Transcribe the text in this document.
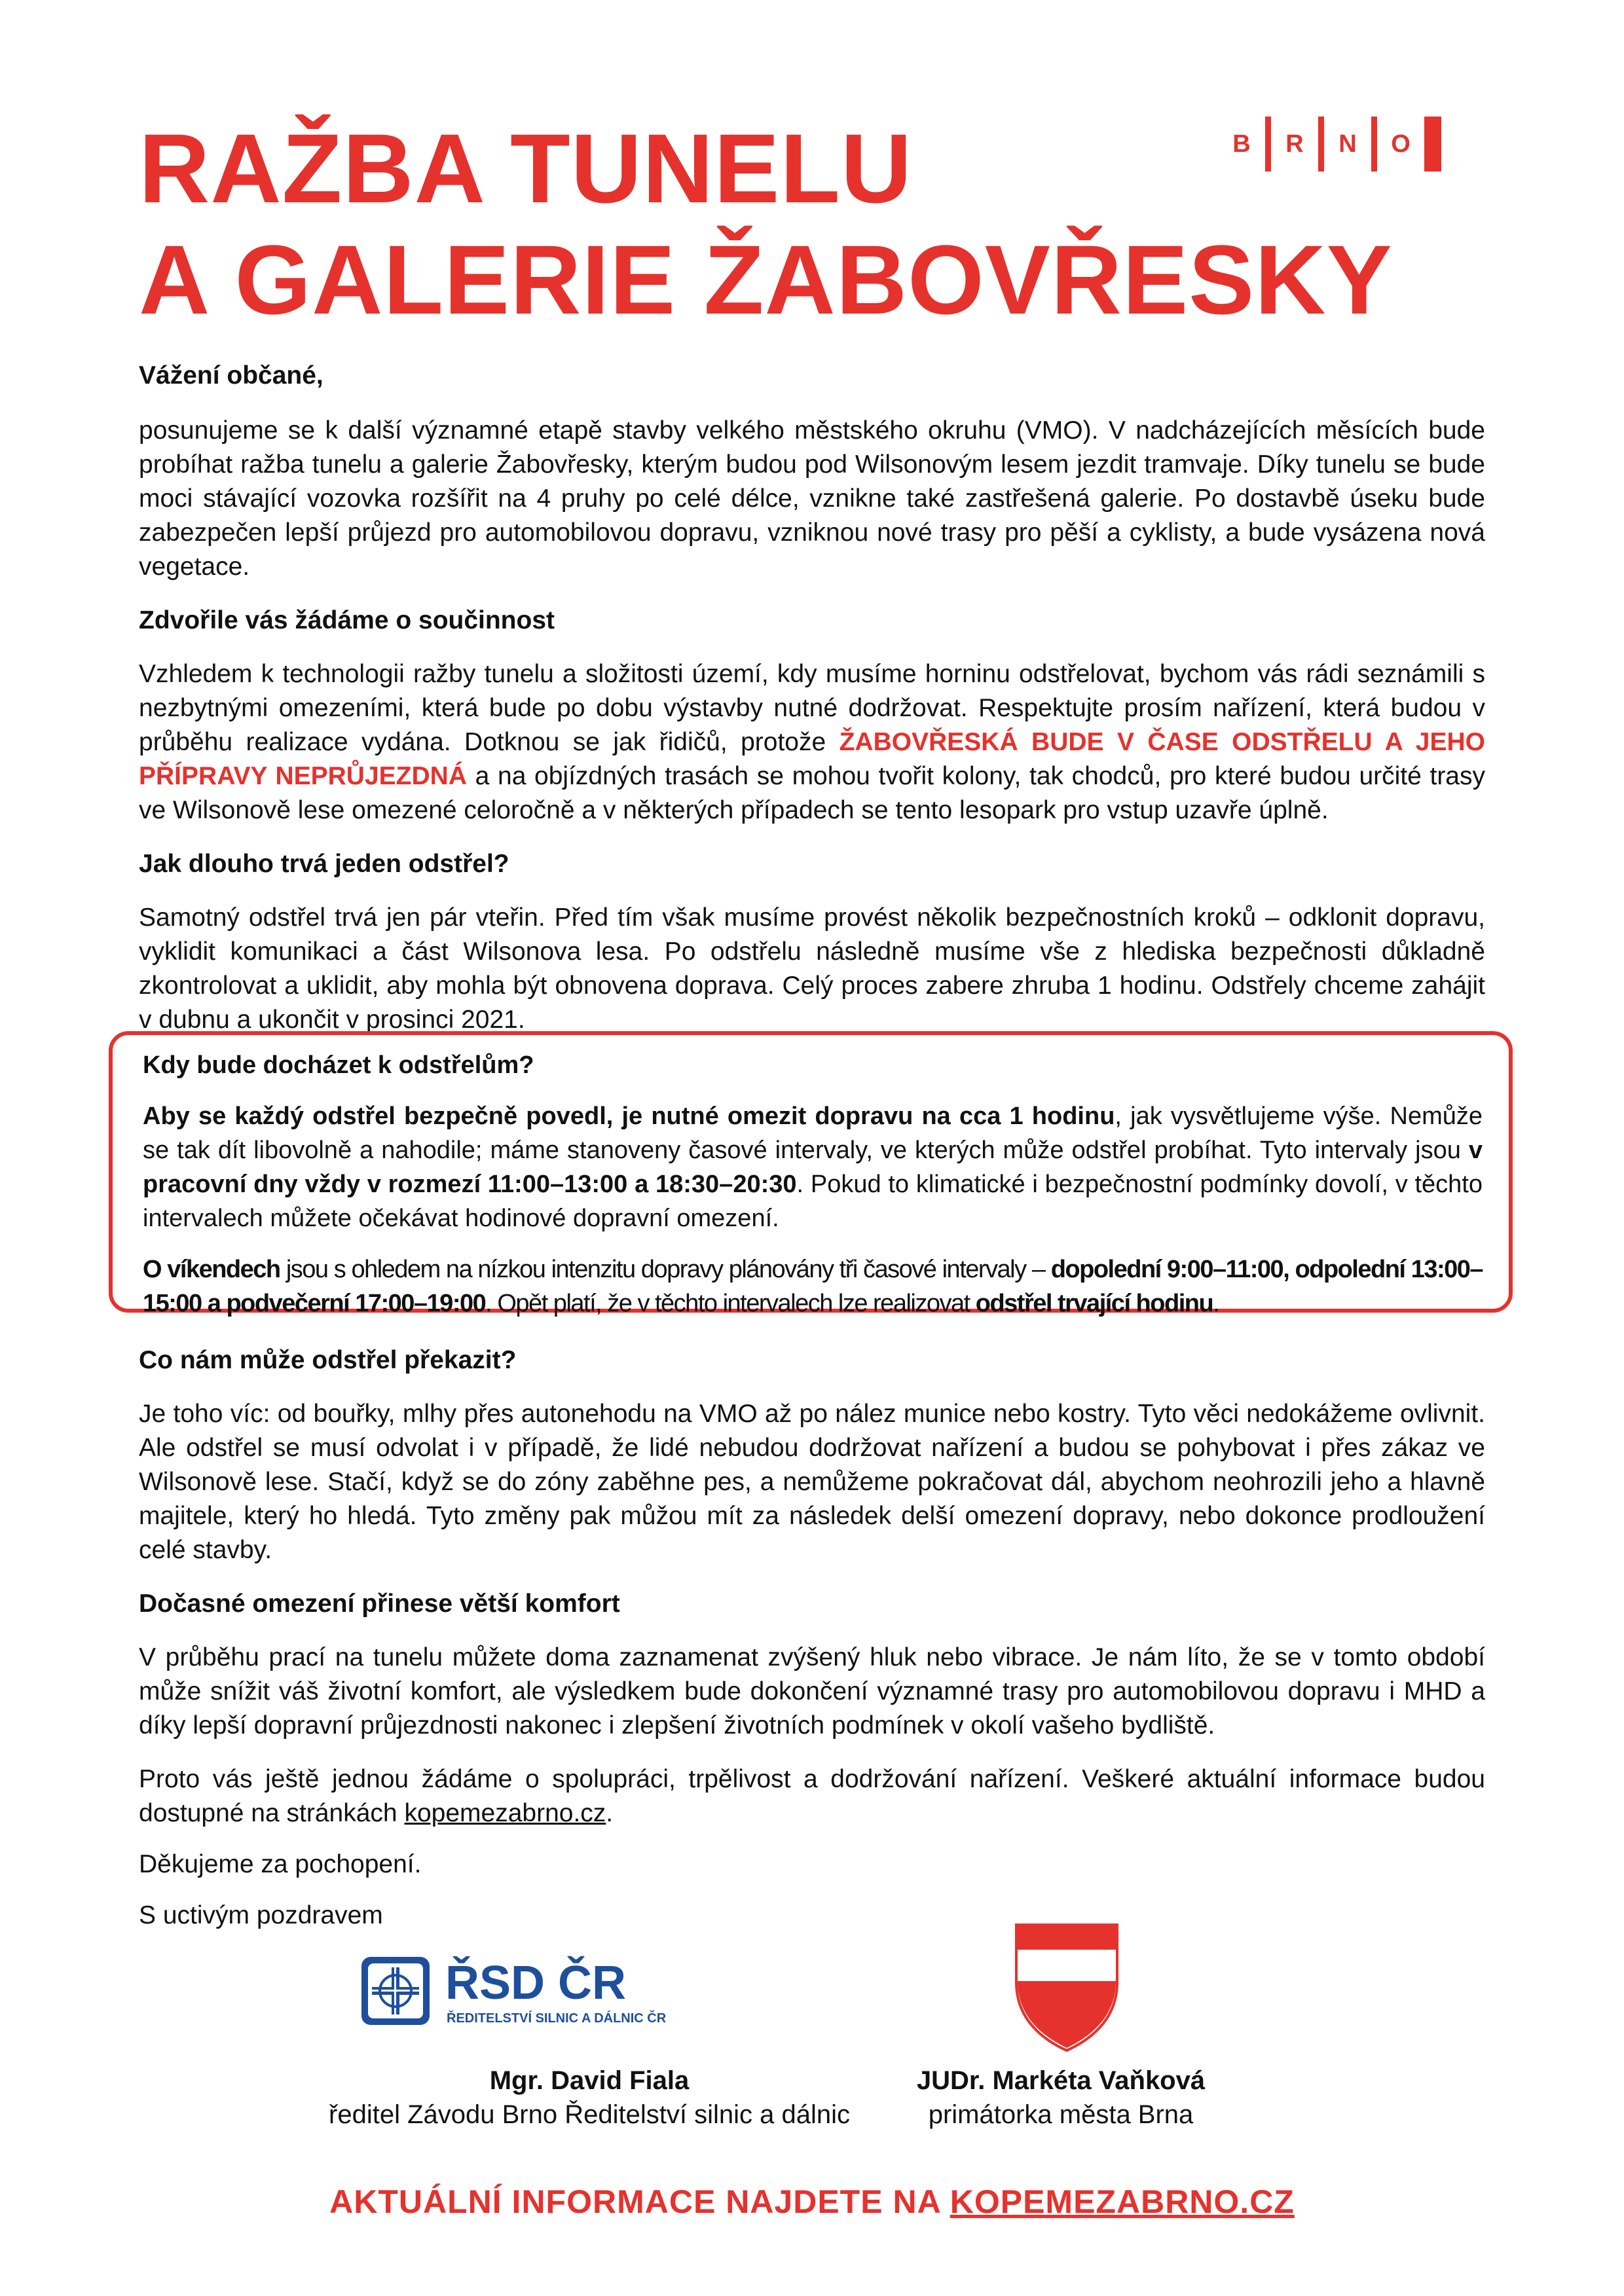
B	R	N	O
RAŽBA TUNELU
A GALERIE ŽABOVŘESKY

Vážení občané,

posunujeme se k další významné etapě stavby velkého městského okruhu (VMO). V nadcházejících měsících bude probíhat ražba tunelu a galerie Žabovřesky, kterým budou pod Wilsonovým lesem jezdit tramvaje. Díky tunelu se bude moci stávající vozovka rozšířit na 4 pruhy po celé délce, vznikne také zastřešená galerie. Po dostavbě úseku bude zabezpečen lepší průjezd pro automobilovou dopravu, vzniknou nové trasy pro pěší a cyklisty, a bude vysázena nová vegetace.

Zdvořile vás žádáme o součinnost

Vzhledem k technologii ražby tunelu a složitosti území, kdy musíme horninu odstřelovat, bychom vás rádi seznámili s nezbytnými omezeními, která bude po dobu výstavby nutné dodržovat. Respektujte prosím nařízení, která budou v průběhu realizace vydána. Dotknou se jak řidičů, protože ŽABOVŘESKÁ BUDE V ČASE ODSTŘELU A JEHO PŘÍPRAVY NEPRŮJEZDNÁ a na objízdných trasách se mohou tvořit kolony, tak chodců, pro které budou určité trasy ve Wilsonově lese omezené celoročně a v některých případech se tento lesopark pro vstup uzavře úplně.

Jak dlouho trvá jeden odstřel?

Samotný odstřel trvá jen pár vteřin. Před tím však musíme provést několik bezpečnostních kroků – odklonit dopravu, vyklidit komunikaci a část Wilsonova lesa. Po odstřelu následně musíme vše z hlediska bezpečnosti důkladně zkontrolovat a uklidit, aby mohla být obnovena doprava. Celý proces zabere zhruba 1 hodinu. Odstřely chceme zahájit v dubnu a ukončit v prosinci 2021.

Kdy bude docházet k odstřelům?

Aby se každý odstřel bezpečně povedl, je nutné omezit dopravu na cca 1 hodinu, jak vysvětlujeme výše. Nemůže se tak dít libovolně a nahodile; máme stanoveny časové intervaly, ve kterých může odstřel probíhat. Tyto intervaly jsou v pracovní dny vždy v rozmezí 11:00–13:00 a 18:30–20:30. Pokud to klimatické i bezpečnostní podmínky dovolí, v těchto intervalech můžete očekávat hodinové dopravní omezení.

O víkendech jsou s ohledem na nízkou intenzitu dopravy plánovány tři časové intervaly – dopolední 9:00–11:00, odpolední 13:00–15:00 a podvečerní 17:00–19:00. Opět platí, že v těchto intervalech lze realizovat odstřel trvající hodinu.

Co nám může odstřel překazit?

Je toho víc: od bouřky, mlhy přes autonehodu na VMO až po nález munice nebo kostry. Tyto věci nedokážeme ovlivnit. Ale odstřel se musí odvolat i v případě, že lidé nebudou dodržovat nařízení a budou se pohybovat i přes zákaz ve Wilsonově lese. Stačí, když se do zóny zaběhne pes, a nemůžeme pokračovat dál, abychom neohrozili jeho a hlavně majitele, který ho hledá. Tyto změny pak můžou mít za následek delší omezení dopravy, nebo dokonce prodloužení celé stavby.

Dočasné omezení přinese větší komfort

V průběhu prací na tunelu můžete doma zaznamenat zvýšený hluk nebo vibrace. Je nám líto, že se v tomto období může snížit váš životní komfort, ale výsledkem bude dokončení významné trasy pro automobilovou dopravu i MHD a díky lepší dopravní průjezdnosti nakonec i zlepšení životních podmínek v okolí vašeho bydliště.

Proto vás ještě jednou žádáme o spolupráci, trpělivost a dodržování nařízení. Veškeré aktuální informace budou dostupné na stránkách kopemezabrno.cz.

Děkujeme za pochopení.

S uctivým pozdravem

ŘSD ČR
ŘEDITELSTVÍ SILNIC A DÁLNIC ČR
Mgr. David Fiala
ředitel Závodu Brno Ředitelství silnic a dálnic
JUDr. Markéta Vaňková
primátorka města Brna
AKTUÁLNÍ INFORMACE NAJDETE NA KOPEMEZABRNO.CZ
